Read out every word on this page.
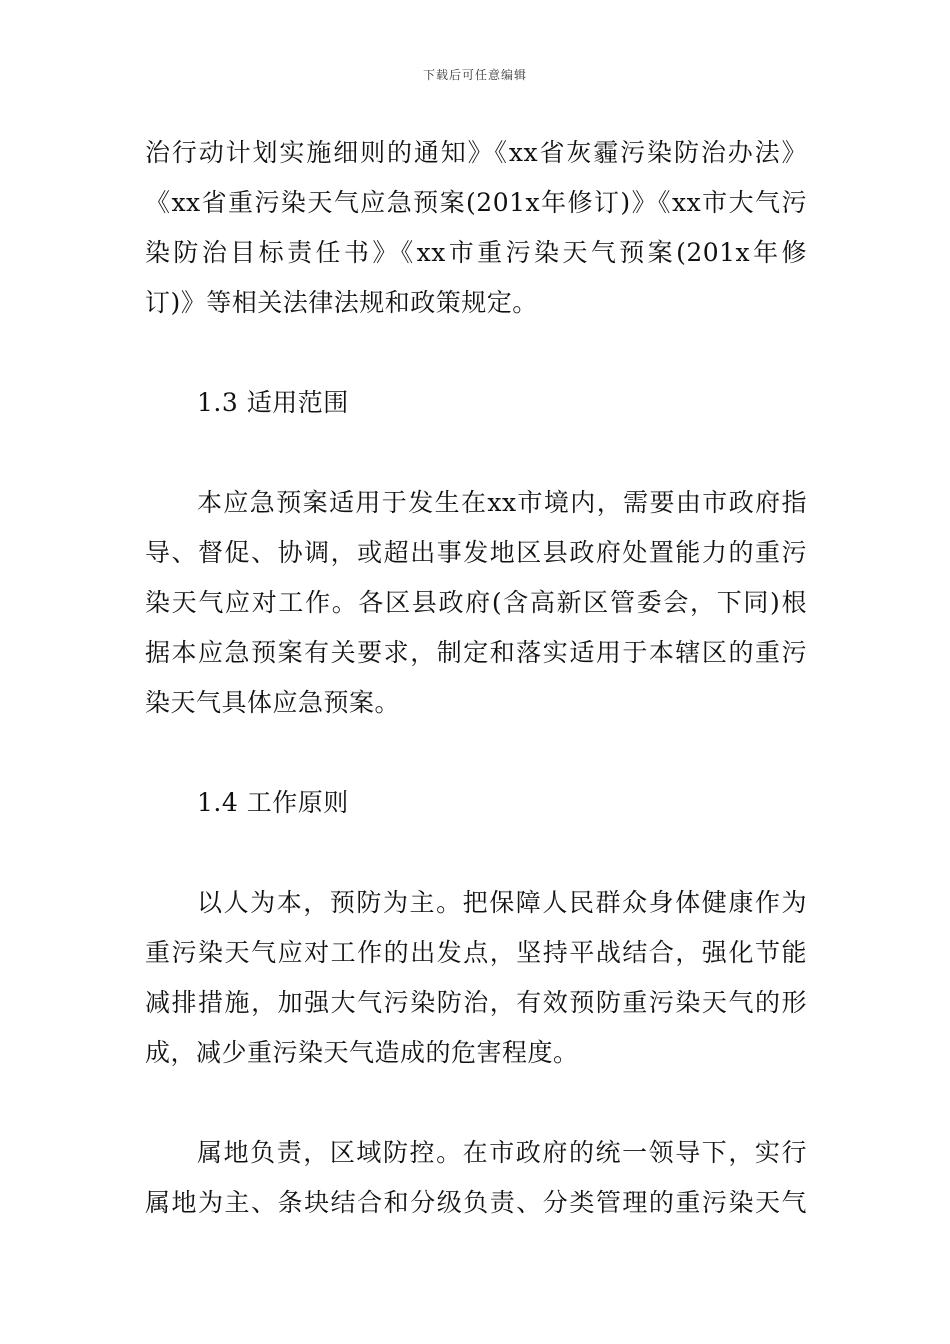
下载后可任意编辑
治行动计划实施细则的通知》《xx省灰霾污染防治办法》
《xx省重污染天气应急预案(201x年修订)》《xx市大气污
染防治目标责任书》《xx市重污染天气预案(201x年修
订)》等相关法律法规和政策规定。
1.3 适用范围
本应急预案适用于发生在xx市境内，需要由市政府指
导、督促、协调，或超出事发地区县政府处置能力的重污
染天气应对工作。各区县政府(含高新区管委会，下同)根
据本应急预案有关要求，制定和落实适用于本辖区的重污
染天气具体应急预案。
1.4 工作原则
以人为本，预防为主。把保障人民群众身体健康作为
重污染天气应对工作的出发点，坚持平战结合，强化节能
减排措施，加强大气污染防治，有效预防重污染天气的形
成，减少重污染天气造成的危害程度。
属地负责，区域防控。在市政府的统一领导下，实行
属地为主、条块结合和分级负责、分类管理的重污染天气
